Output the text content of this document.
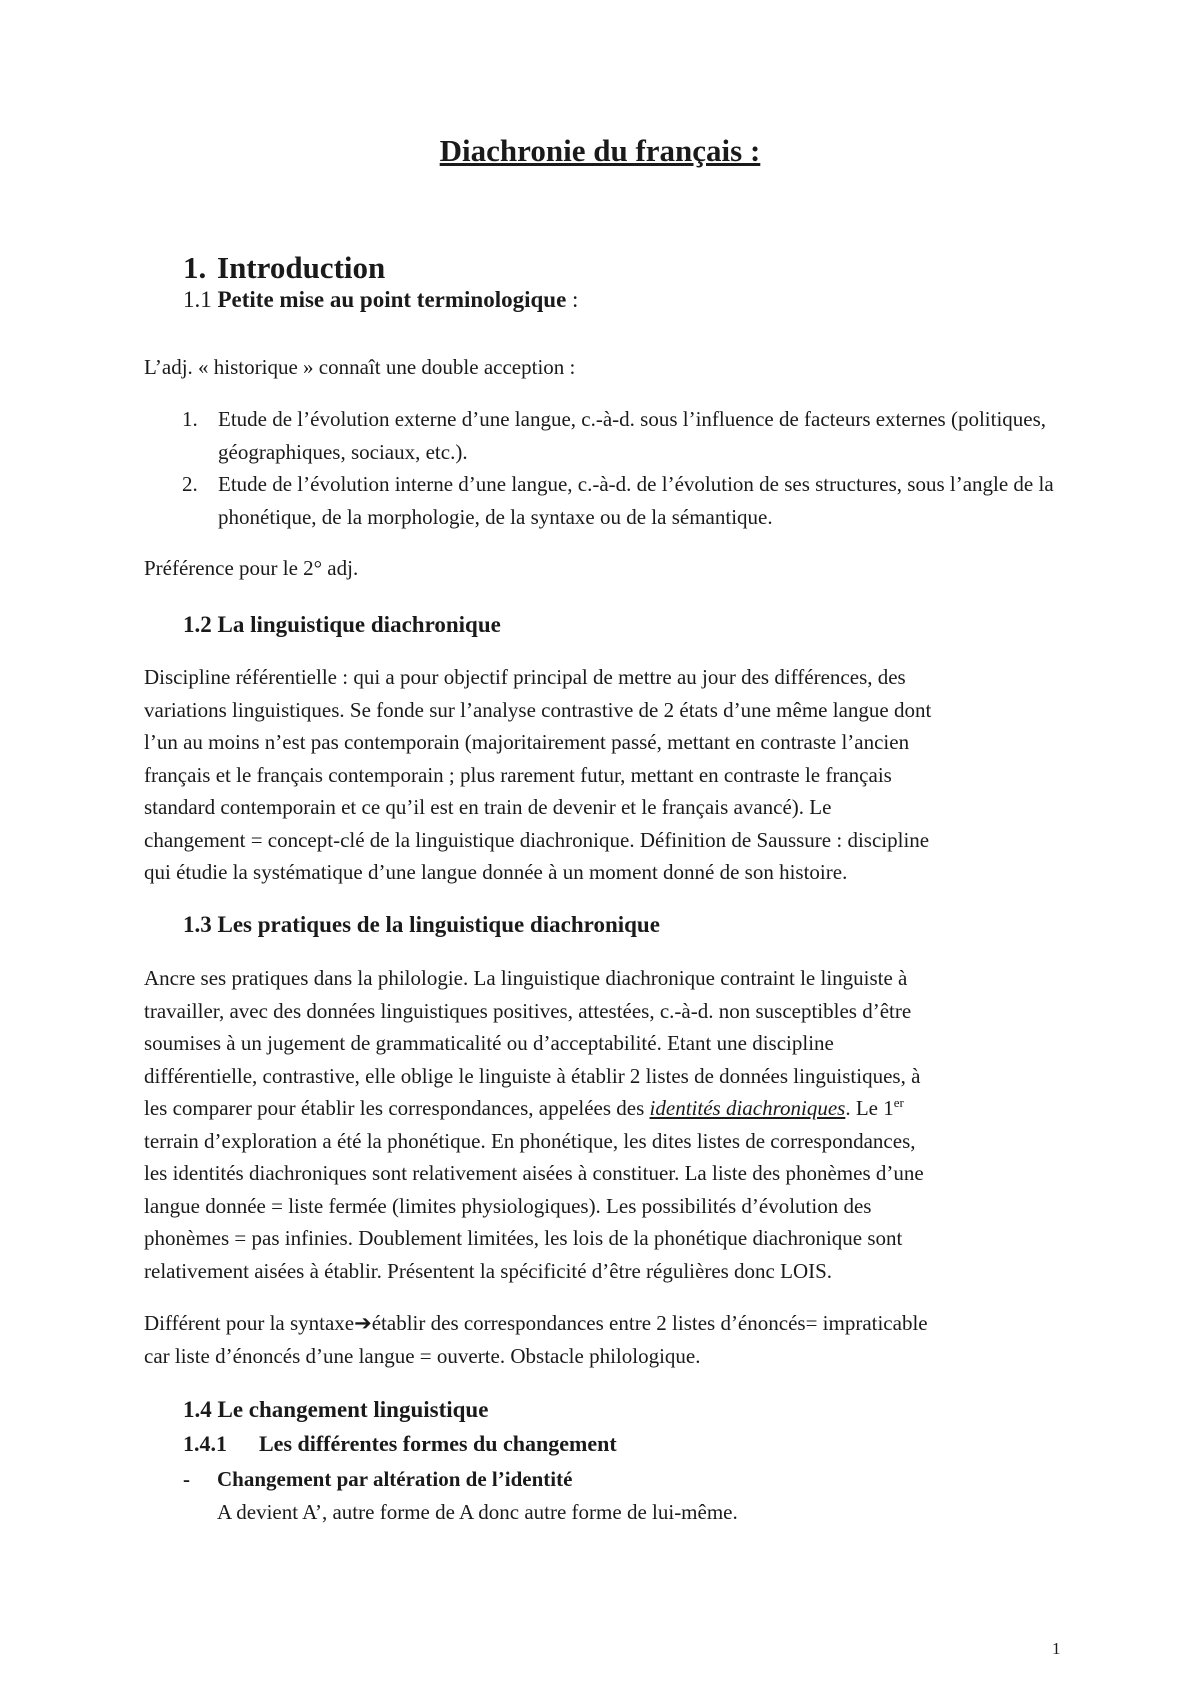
Diachronie du français :
1. Introduction
1.1 Petite mise au point terminologique :
L’adj. « historique » connaît une double acception :
1. Etude de l’évolution externe d’une langue, c.-à-d. sous l’influence de facteurs externes (politiques, géographiques, sociaux, etc.).
2. Etude de l’évolution interne d’une langue, c.-à-d. de l’évolution de ses structures, sous l’angle de la phonétique, de la morphologie, de la syntaxe ou de la sémantique.
Préférence pour le 2° adj.
1.2 La linguistique diachronique
Discipline référentielle : qui a pour objectif principal de mettre au jour des différences, des
variations linguistiques. Se fonde sur l’analyse contrastive de 2 états d’une même langue dont
l’un au moins n’est pas contemporain (majoritairement passé, mettant en contraste l’ancien
français et le français contemporain ; plus rarement futur, mettant en contraste le français
standard contemporain et ce qu’il est en train de devenir et le français avancé). Le
changement = concept-clé de la linguistique diachronique. Définition de Saussure : discipline
qui étudie la systématique d’une langue donnée à un moment donné de son histoire.
1.3 Les pratiques de la linguistique diachronique
Ancre ses pratiques dans la philologie. La linguistique diachronique contraint le linguiste à
travailler, avec des données linguistiques positives, attestées, c.-à-d. non susceptibles d’être
soumises à un jugement de grammaticalité ou d’acceptabilité. Etant une discipline
différentielle, contrastive, elle oblige le linguiste à établir 2 listes de données linguistiques, à
les comparer pour établir les correspondances, appelées des identités diachroniques. Le 1er
terrain d’exploration a été la phonétique. En phonétique, les dites listes de correspondances,
les identités diachroniques sont relativement aisées à constituer. La liste des phonèmes d’une
langue donnée = liste fermée (limites physiologiques). Les possibilités d’évolution des
phonèmes = pas infinies. Doublement limitées, les lois de la phonétique diachronique sont
relativement aisées à établir. Présentent la spécificité d’être régulières donc LOIS.
Différent pour la syntaxe➔établir des correspondances entre 2 listes d’énoncés= impraticable
car liste d’énoncés d’une langue = ouverte. Obstacle philologique.
1.4 Le changement linguistique
1.4.1 Les différentes formes du changement
-	Changement par altération de l’identité
A devient A’, autre forme de A donc autre forme de lui-même.
1
